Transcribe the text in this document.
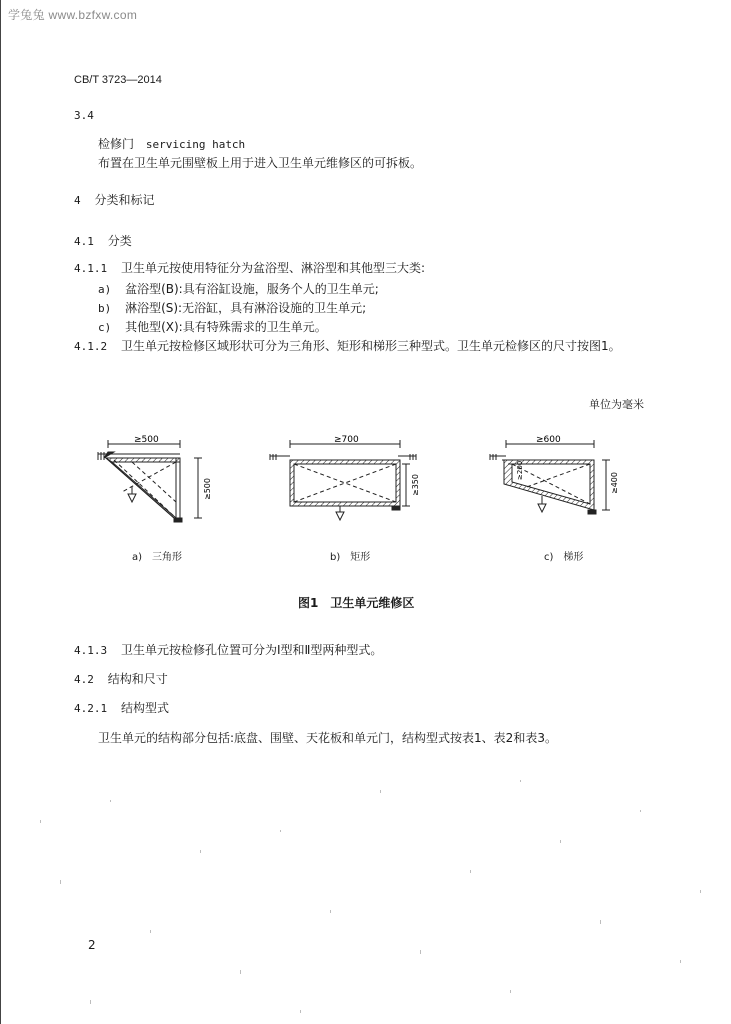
学兔兔 www.bzfxw.com
CB/T 3723—2014
3.4
检修门 servicing hatch
布置在卫生单元围壁板上用于进入卫生单元维修区的可拆板。
4 分类和标记
4.1 分类
4.1.1 卫生单元按使用特征分为盆浴型、淋浴型和其他型三大类:
a) 盆浴型(B):具有浴缸设施，服务个人的卫生单元;
b) 淋浴型(S):无浴缸，具有淋浴设施的卫生单元;
c) 其他型(X):具有特殊需求的卫生单元。
4.1.2 卫生单元按检修区域形状可分为三角形、矩形和梯形三种型式。卫生单元检修区的尺寸按图1。
单位为毫米
≥500
≥500
≥700
≥350
≥600
≥400
≥200
a)　三角形	b)　矩形	c)　梯形
图1　卫生单元维修区
4.1.3 卫生单元按检修孔位置可分为Ⅰ型和Ⅱ型两种型式。
4.2 结构和尺寸
4.2.1 结构型式
卫生单元的结构部分包括:底盘、围壁、天花板和单元门，结构型式按表1、表2和表3。
2
